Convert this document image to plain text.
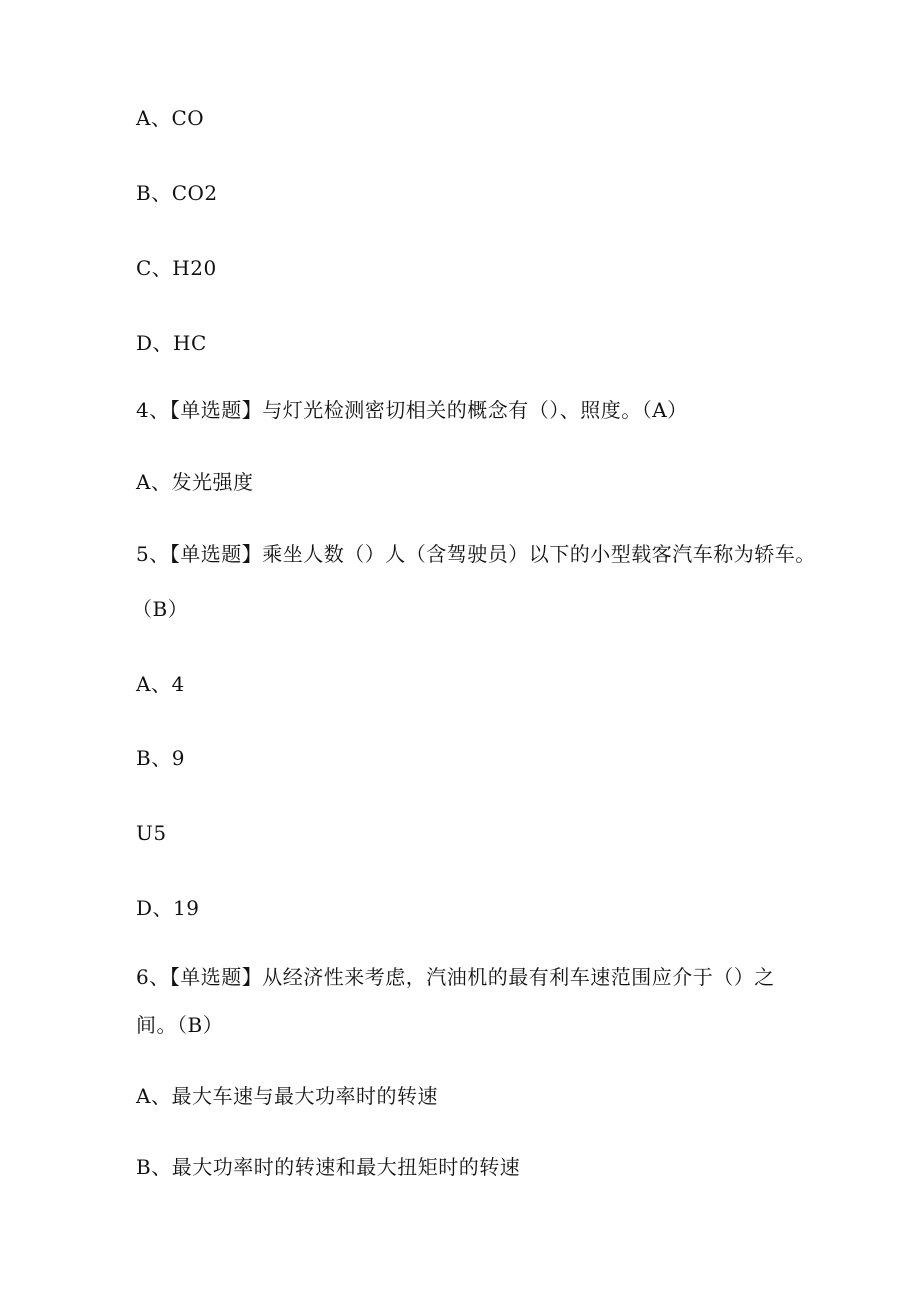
A、CO
B、CO2
C、H20
D、HC
4、【单选题】与灯光检测密切相关的概念有（）、照度。（A）
A、发光强度
5、【单选题】乘坐人数（）人（含驾驶员）以下的小型载客汽车称为轿车。
（B）
A、4
B、9
U5
D、19
6、【单选题】从经济性来考虑，汽油机的最有利车速范围应介于（）之
间。（B）
A、最大车速与最大功率时的转速
B、最大功率时的转速和最大扭矩时的转速
